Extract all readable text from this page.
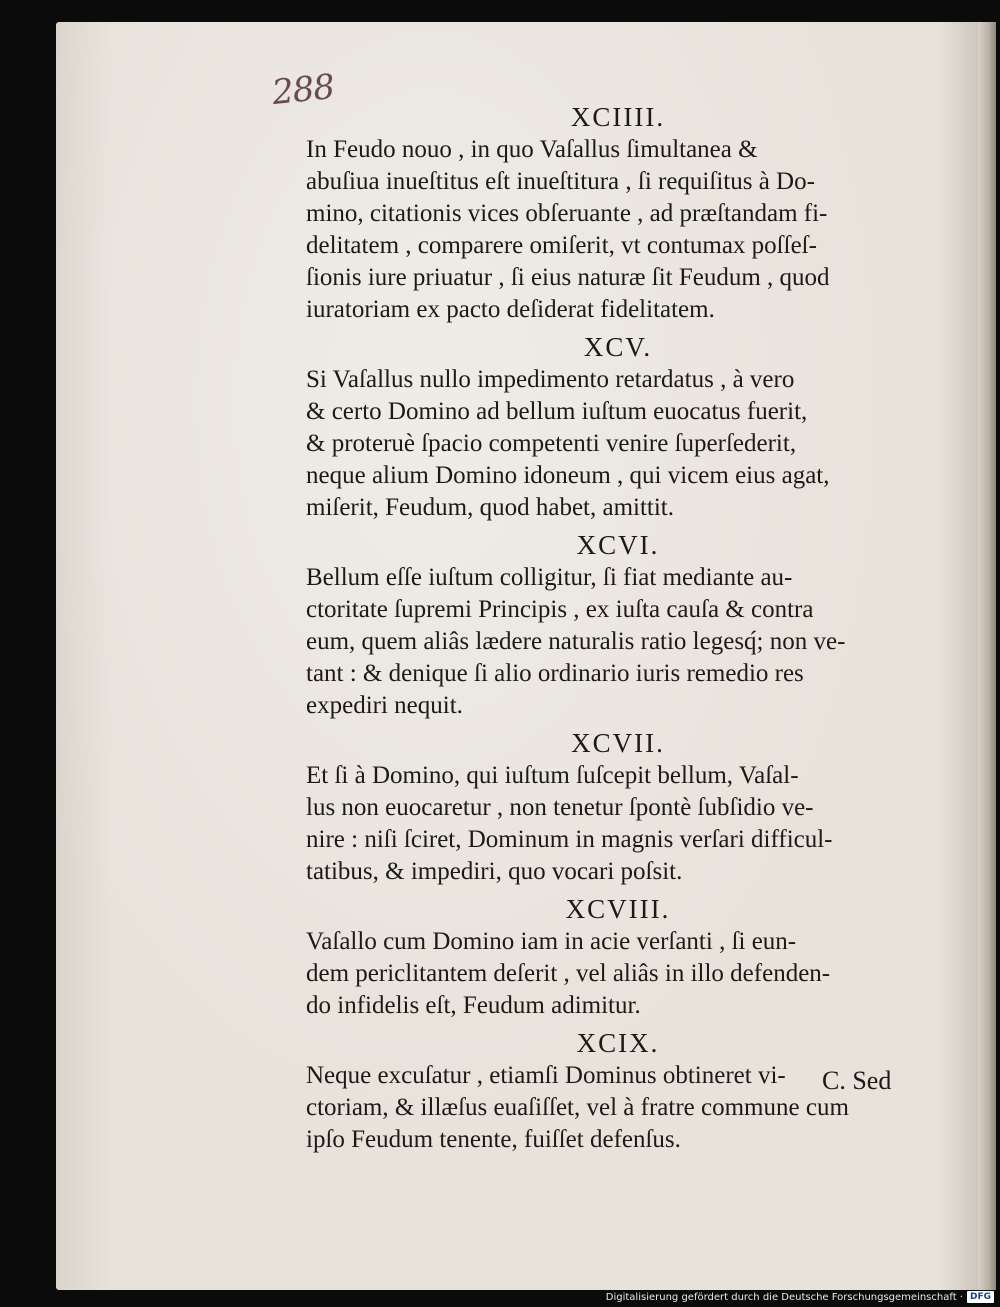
288
XCIIII.
In Feudo nouo , in quo Vaſallus ſimultanea &
abuſiua inueſtitus eſt inueſtitura , ſi requiſitus à Do-
mino, citationis vices obſeruante , ad præſtandam fi-
delitatem , comparere omiſerit, vt contumax poſſeſ-
ſionis iure priuatur , ſi eius naturæ ſit Feudum , quod
iuratoriam ex pacto deſiderat fidelitatem.
XCV.
Si Vaſallus nullo impedimento retardatus , à vero
& certo Domino ad bellum iuſtum euocatus fuerit,
& proteruè ſpacio competenti venire ſuperſederit,
neque alium Domino idoneum , qui vicem eius agat,
miſerit, Feudum, quod habet, amittit.
XCVI.
Bellum eſſe iuſtum colligitur, ſi fiat mediante au-
ctoritate ſupremi Principis , ex iuſta cauſa & contra
eum, quem aliâs lædere naturalis ratio legesq́; non ve-
tant : & denique ſi alio ordinario iuris remedio res
expediri nequit.
XCVII.
Et ſi à Domino, qui iuſtum ſuſcepit bellum, Vaſal-
lus non euocaretur , non tenetur ſpontè ſubſidio ve-
nire : niſi ſciret, Dominum in magnis verſari difficul-
tatibus, & impediri, quo vocari poſsit.
XCVIII.
Vaſallo cum Domino iam in acie verſanti , ſi eun-
dem periclitantem deſerit , vel aliâs in illo defenden-
do infidelis eſt, Feudum adimitur.
XCIX.
Neque excuſatur , etiamſi Dominus obtineret vi-
ctoriam, & illæſus euaſiſſet, vel à fratre commune cum
ipſo Feudum tenente, fuiſſet defenſus.
C. Sed
Digitalisierung gefördert durch die Deutsche Forschungsgemeinschaft · DFG
